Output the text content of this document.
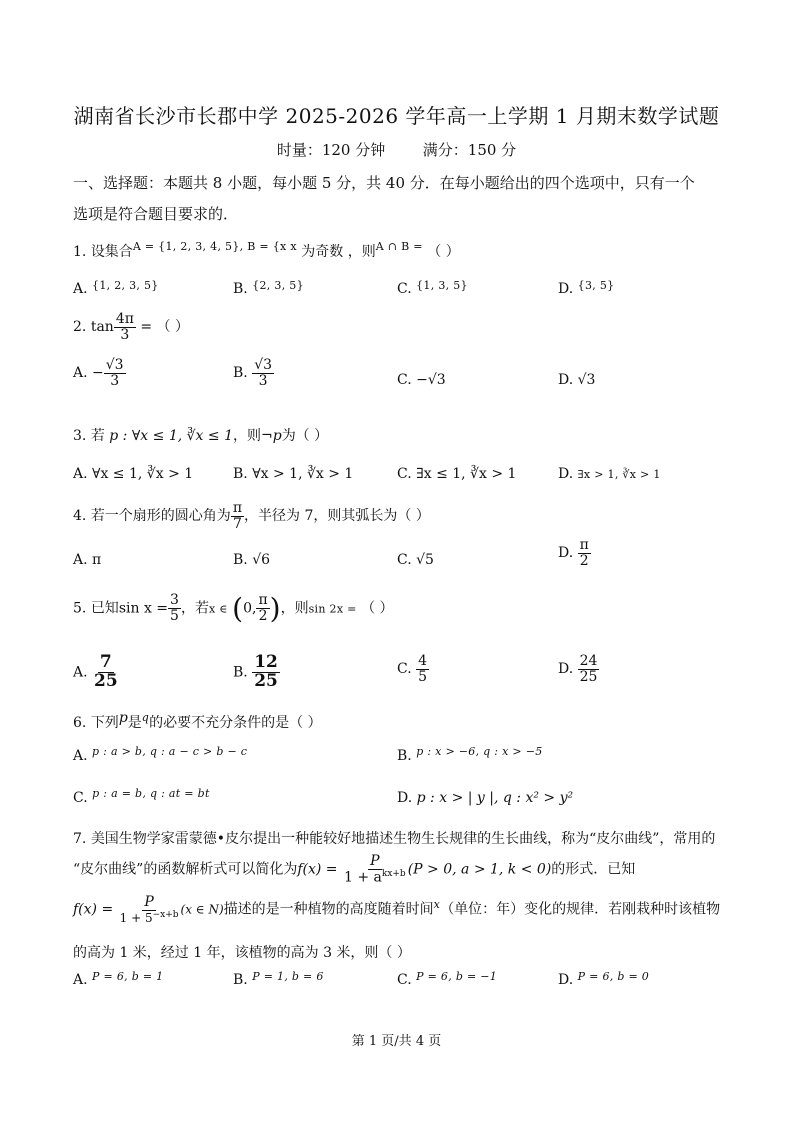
湖南省长沙市长郡中学 2025-2026 学年高一上学期 1 月期末数学试题
时量：120 分钟	满分：150 分
一、选择题：本题共 8 小题，每小题 5 分，共 40 分．在每小题给出的四个选项中，只有一个
选项是符合题目要求的．
1. 设集合$^{A = \{1, 2, 3, 4, 5\}, B = \{x x}$ 为奇数 ，则$^{A \cap B =}$ （ ）
A. $^{\{1, 2, 3, 5\}}$	B. $^{\{2, 3, 5\}}$	C. $^{\{1, 3, 5\}}$	D. $^{\{3, 5\}}$
2. $\tan \frac{4\pi}{3}$ = （ ）
A. − $\frac{√3}{3}$	B. $\frac{√3}{3}$	C. −√3	D. √3
3. 若 p : ∀x ≤ 1, ∛x ≤ 1，则¬p为（ ）
A. ∀x ≤ 1, ∛x > 1	B. ∀x > 1, ∛x > 1	C. ∃x ≤ 1, ∛x > 1	D. ∃x > 1, ∛x > 1
4. 若一个扇形的圆心角为 $\frac{\pi}{7}$ ，半径为 7，则其弧长为（ ）
A. π	B. √6	C. √5	D. $\frac{\pi}{2}$
5. 已知$\sin x = \frac{3}{5}$ ，若x ∈ (0, $\frac{\pi}{2}$ )，则sin 2x = （ ）
A. $\frac{7}{25}$	B. $\frac{12}{25}$	C. $\frac{4}{5}$	D. $\frac{24}{25}$
6. 下列p是$^q$的必要不充分条件的是（ ）
A. $^{p : a > b, q : a - c > b - c}$	B. $^{p : x > -6, q : x > -5}$
C. $^{p : a = b, q : at = bt}$	D. p : x > | y |, q : x² > y²
7. 美国生物学家雷蒙德•皮尔提出一种能较好地描述生物生长规律的生长曲线，称为“皮尔曲线”，常用的
“皮尔曲线”的函数解析式可以简化为$f(x) = \frac{P}{1 + a^{kx+b}} (P > 0$, a > 1, k < 0)的形式．已知
$f(x) = \frac{P}{1 + 5^{-x+b}} (x$ ∈ N)描述的是一种植物的高度随着时间$^x$（单位：年）变化的规律．若刚栽种时该植物
的高为 1 米，经过 1 年，该植物的高为 3 米，则（ ）
A. $^{P = 6, b = 1}$	B. $^{P = 1, b = 6}$	C. $^{P = 6, b = -1}$	D. $^{P = 6, b = 0}$
第 1 页/共 4 页
